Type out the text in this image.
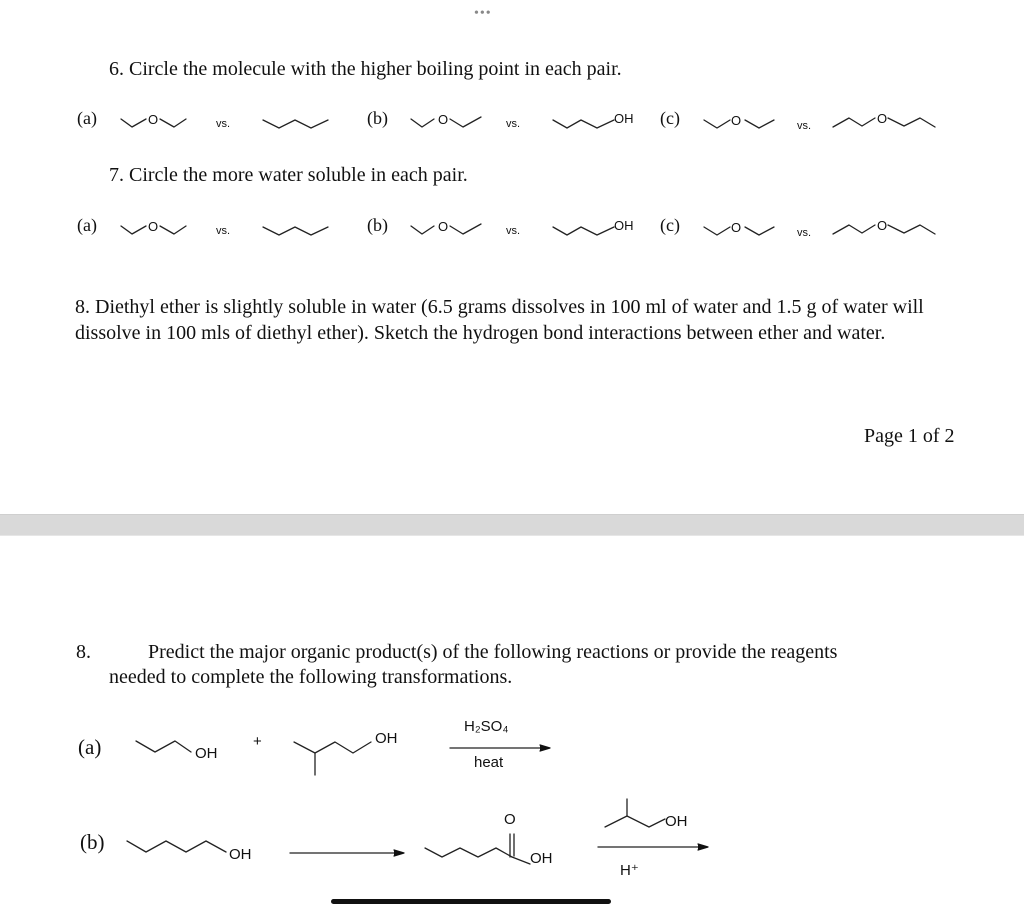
•••
6. Circle the molecule with the higher boiling point in each pair.
(a)	O	vs.	(b)	O	vs.	OH (c)	O	vs.	O
7. Circle the more water soluble in each pair.
(a)	O	vs.	(b)	O	vs.	OH (c)	O	vs.	O
8. Diethyl ether is slightly soluble in water (6.5 grams dissolves in 100 ml of water and 1.5 g of water will dissolve in 100 mls of diethyl ether). Sketch the hydrogen bond interactions between ether and water.
Page 1 of 2
8.	Predict the major organic product(s) of the following reactions or provide the reagents
needed to complete the following transformations.
(a)	OH
+	OH
H₂SO₄
heat
(b)
OH
O
OH
OH
H⁺
